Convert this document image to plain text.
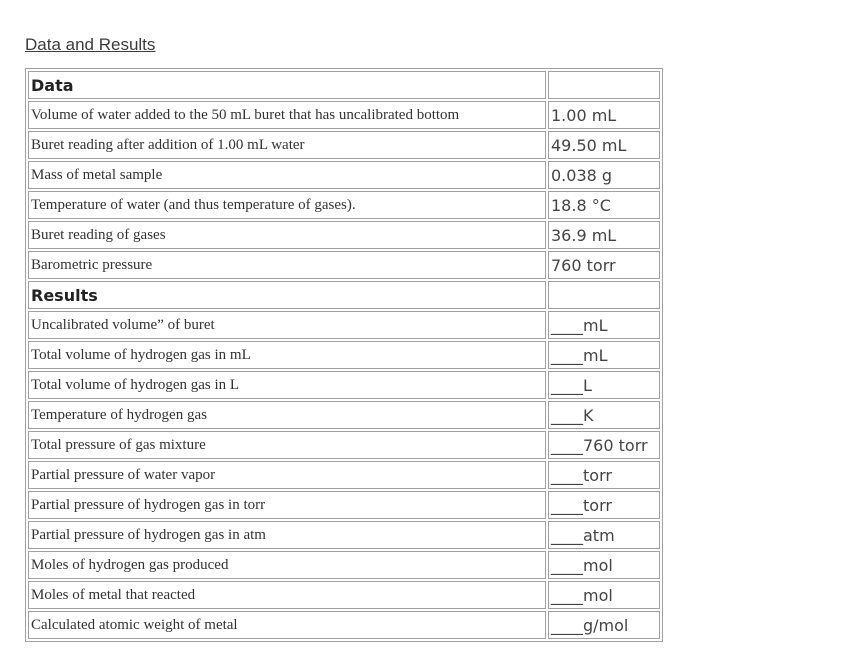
Data and Results
Data	
Volume of water added to the 50 mL buret that has uncalibrated bottom	1.00 mL
Buret reading after addition of 1.00 mL water	49.50 mL
Mass of metal sample	0.038 g
Temperature of water (and thus temperature of gases).	18.8 °C
Buret reading of gases	36.9 mL
Barometric pressure	760 torr
Results	
Uncalibrated volume” of buret	____mL
Total volume of hydrogen gas in mL	____mL
Total volume of hydrogen gas in L	____L
Temperature of hydrogen gas	____K
Total pressure of gas mixture	____760 torr
Partial pressure of water vapor	____torr
Partial pressure of hydrogen gas in torr	____torr
Partial pressure of hydrogen gas in atm	____atm
Moles of hydrogen gas produced	____mol
Moles of metal that reacted	____mol
Calculated atomic weight of metal	____g/mol
